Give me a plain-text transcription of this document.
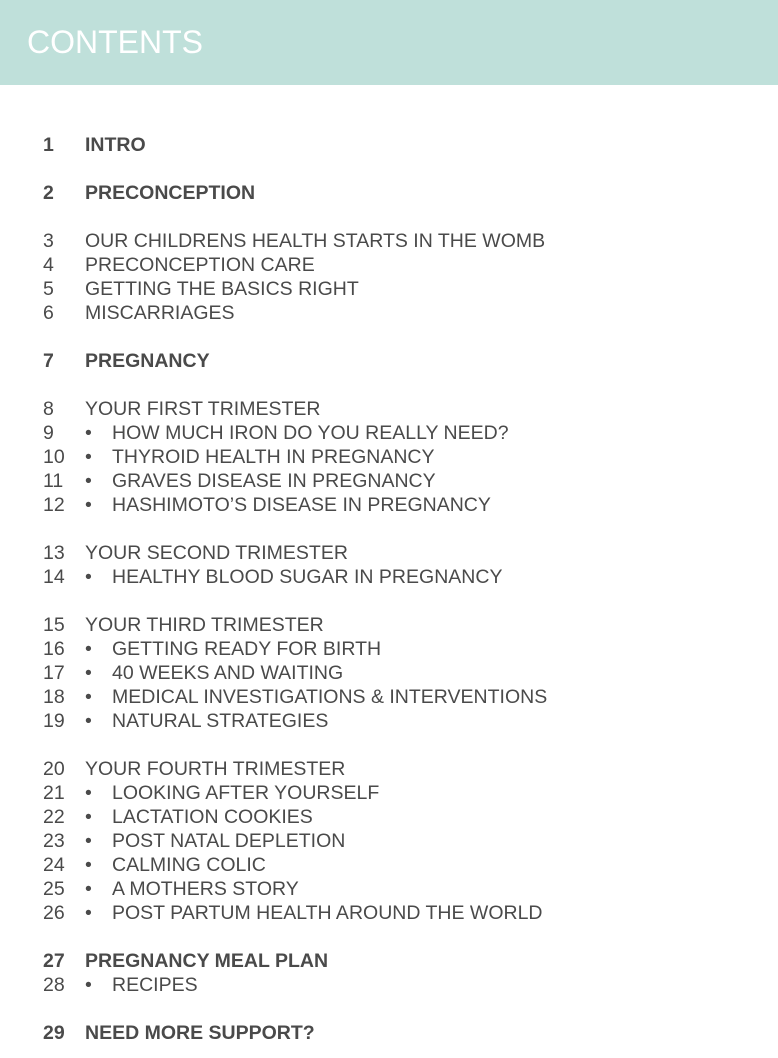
CONTENTS
1 INTRO
2 PRECONCEPTION
3 OUR CHILDRENS HEALTH STARTS IN THE WOMB
4 PRECONCEPTION CARE
5 GETTING THE BASICS RIGHT
6 MISCARRIAGES
7 PREGNANCY
8 YOUR FIRST TRIMESTER
9 • HOW MUCH IRON DO YOU REALLY NEED?
10 • THYROID HEALTH IN PREGNANCY
11 • GRAVES DISEASE IN PREGNANCY
12 • HASHIMOTO’S DISEASE IN PREGNANCY
13 YOUR SECOND TRIMESTER
14 • HEALTHY BLOOD SUGAR IN PREGNANCY
15 YOUR THIRD TRIMESTER
16 • GETTING READY FOR BIRTH
17 • 40 WEEKS AND WAITING
18 • MEDICAL INVESTIGATIONS & INTERVENTIONS
19 • NATURAL STRATEGIES
20 YOUR FOURTH TRIMESTER
21 • LOOKING AFTER YOURSELF
22 • LACTATION COOKIES
23 • POST NATAL DEPLETION
24 • CALMING COLIC
25 • A MOTHERS STORY
26 • POST PARTUM HEALTH AROUND THE WORLD
27 PREGNANCY MEAL PLAN
28 • RECIPES
29 NEED MORE SUPPORT?
